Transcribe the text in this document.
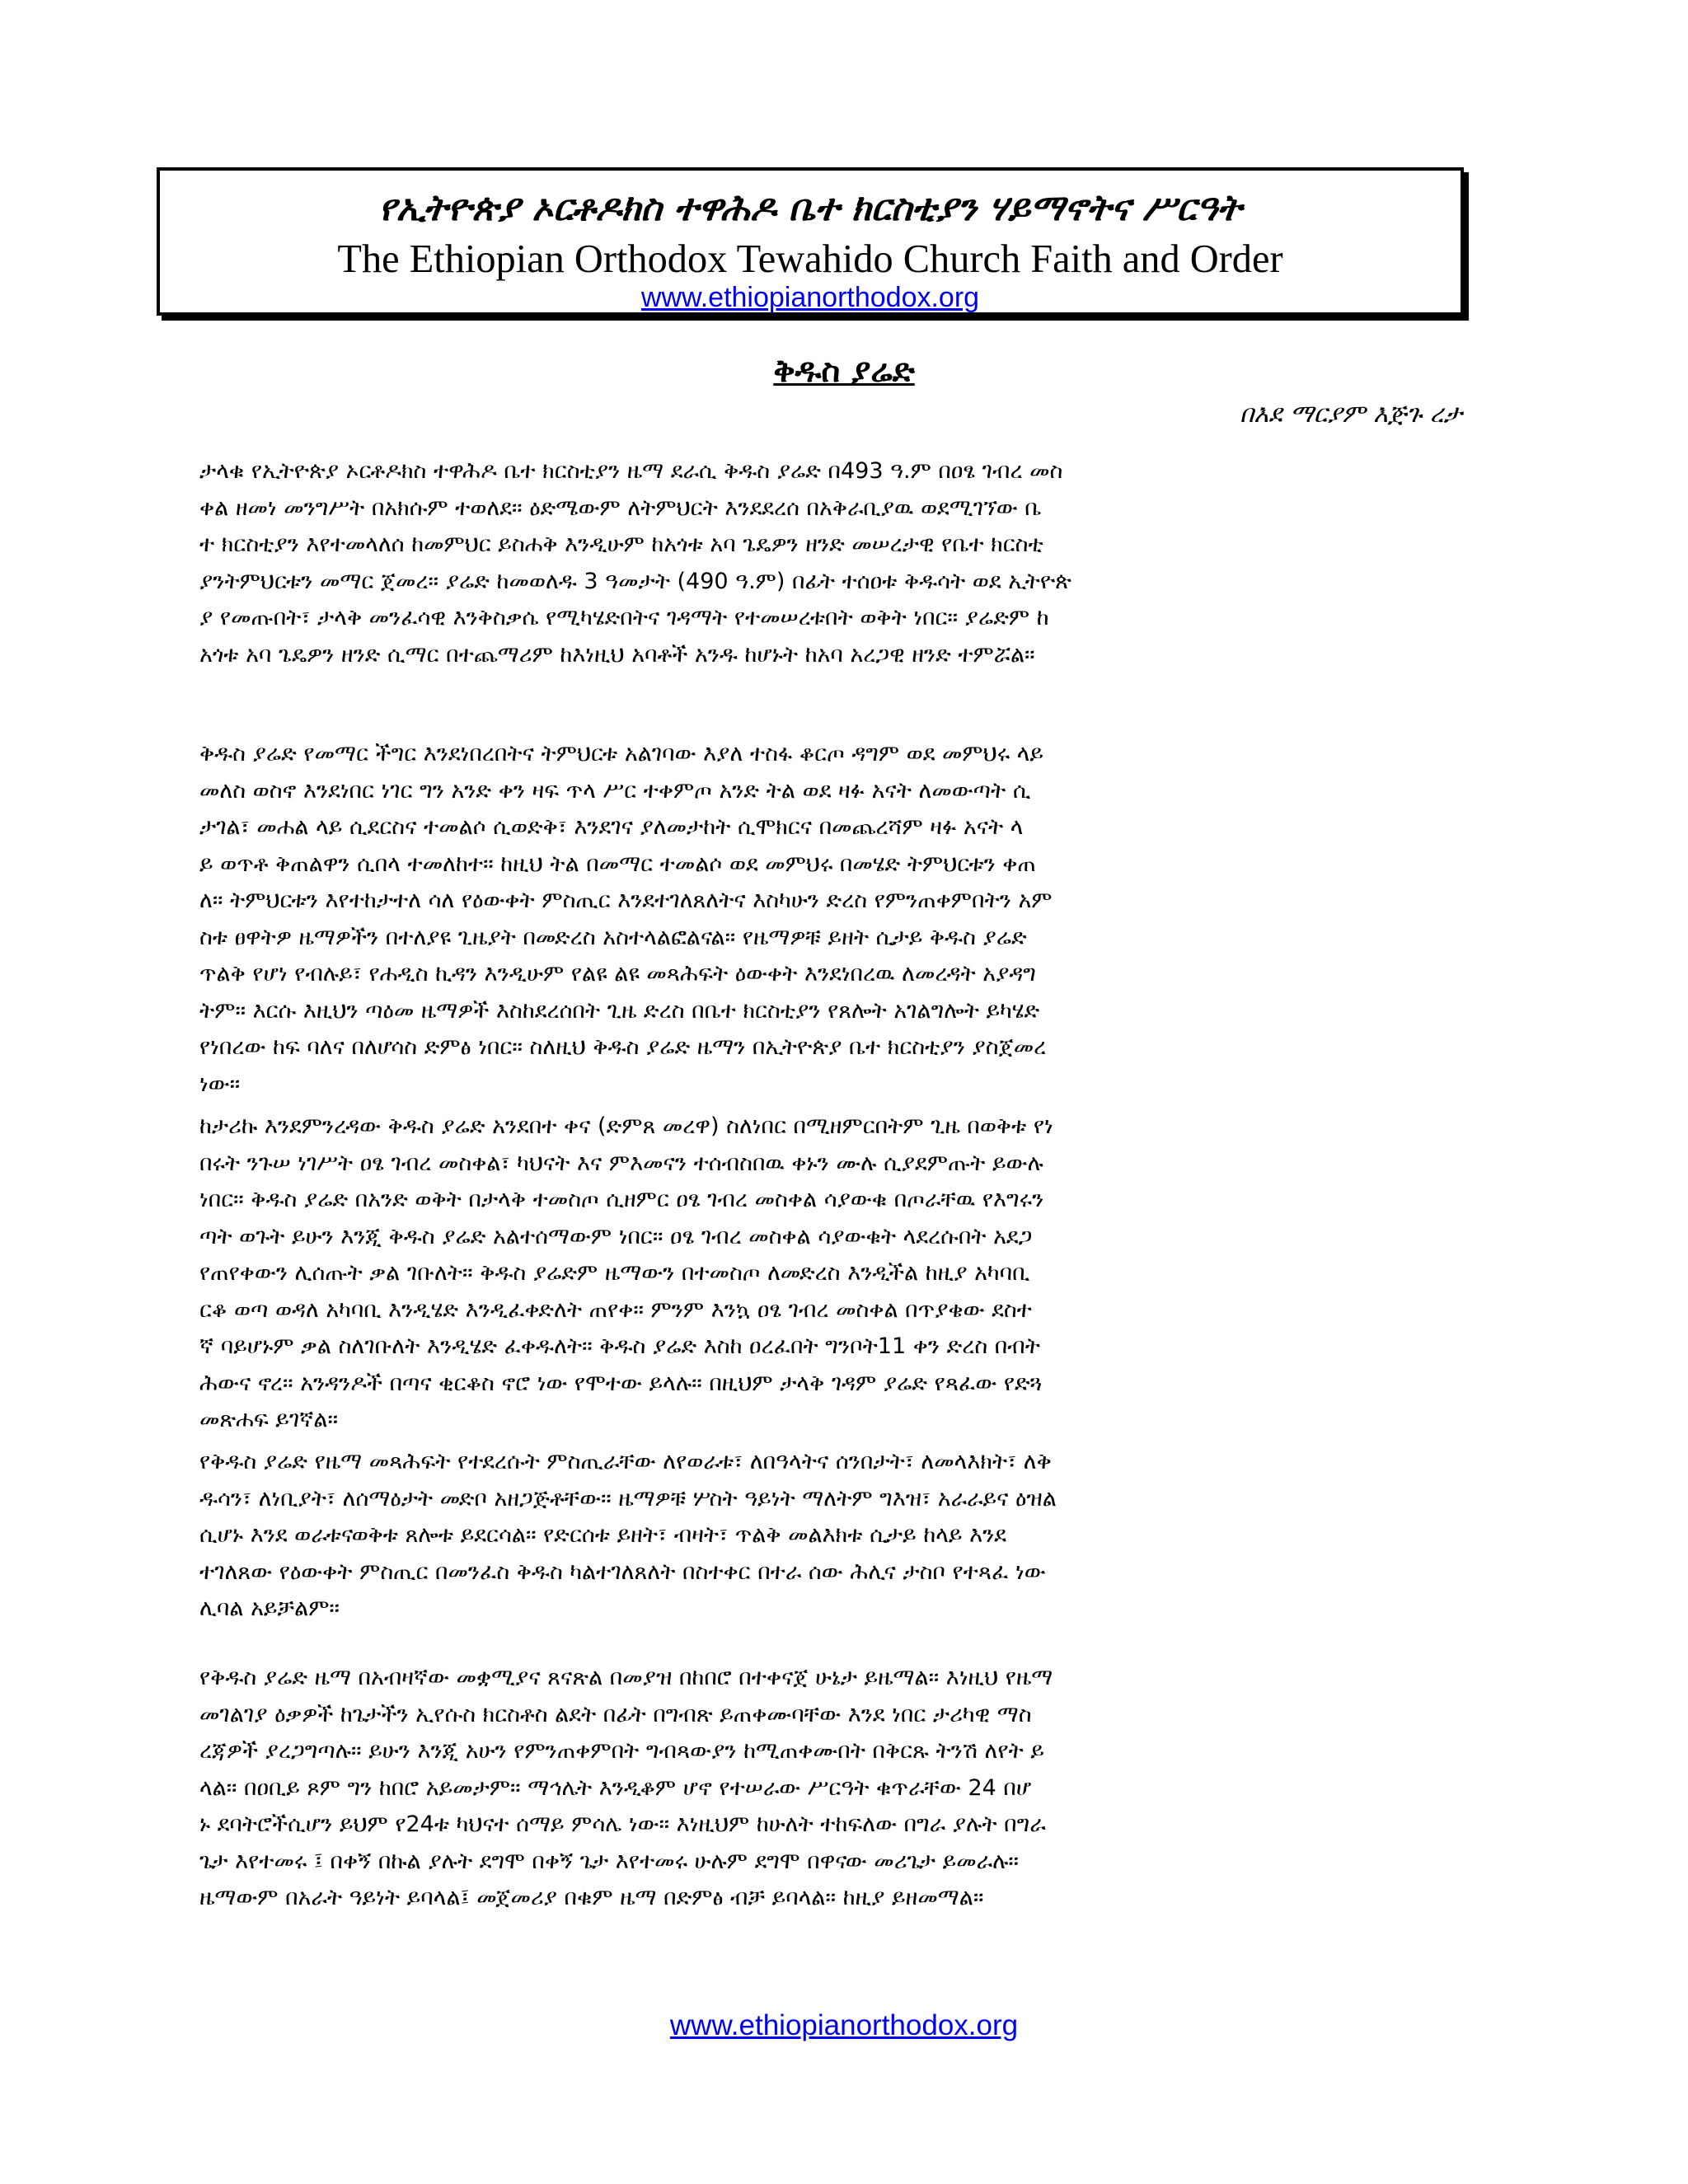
የኢትዮጵያ ኦርቶዶክስ ተዋሕዶ ቤተ ክርስቲያን ሃይማኖትና ሥርዓት
The Ethiopian Orthodox Tewahido Church Faith and Order
www.ethiopianorthodox.org
ቅዱስ ያሬድ
በእደ ማርያም እጅጉ ረታ
ታላቁ የኢትዮጵያ ኦርቶዶክስ ተዋሕዶ ቤተ ክርስቲያን ዜማ ደራሲ ቅዱስ ያሬድ በ493 ዓ.ም በዐፄ ገብረ መስ
ቀል ዘመነ መንግሥት በአክሱም ተወለደ። ዕድሜውም ለትምህርት እንደደረሰ በአቅራቢያዉ ወደሚገኘው ቤ
ተ ክርስቲያን እየተመላለሰ ከመምህር ይስሐቅ እንዲሁም ከአጎቱ አባ ጌዴዎን ዘንድ መሠረታዊ የቤተ ክርስቲ
ያንትምህርቱን መማር ጀመረ። ያሬድ ከመወለዱ 3 ዓመታት (490 ዓ.ም) በፊት ተሰዐቱ ቅዱሳት ወደ ኢትዮጵ
ያ የመጡበት፣ ታላቅ መንፈሳዊ እንቅስቃሴ የሚካሄድበትና ገዳማት የተመሠረቱበት ወቅት ነበር። ያሬድም ከ
አጎቱ አባ ጌዴዎን ዘንድ ሲማር በተጨማሪም ከእነዚህ አባቶች አንዱ ከሆኑት ከአባ አረጋዊ ዘንድ ተምሯል።
ቅዱስ ያሬድ የመማር ችግር እንደነበረበትና ትምህርቱ አልገባው እያለ ተስፋ ቆርጦ ዳግም ወደ መምህሩ ላይ
መለስ ወስኖ እንደነበር ነገር ግን አንድ ቀን ዛፍ ጥላ ሥር ተቀምጦ አንድ ትል ወደ ዛፉ አናት ለመውጣት ሲ
ታገል፣ መሐል ላይ ሲደርስና ተመልሶ ሲወድቅ፣ እንደገና ያለመታከት ሲሞክርና በመጨረሻም ዛፉ አናት ላ
ይ ወጥቶ ቅጠልዋን ሲበላ ተመለከተ። ከዚህ ትል በመማር ተመልሶ ወደ መምህሩ በመሄድ ትምህርቱን ቀጠ
ለ። ትምህርቱን እየተከታተለ ሳለ የዕውቀት ምስጢር እንደተገለጸለትና እስካሁን ድረስ የምንጠቀምበትን አም
ስቱ ፀዋትዎ ዜማዎችን በተለያዩ ጊዜያት በመድረስ አስተላልፎልናል። የዜማዎቹ ይዘት ሲታይ ቅዱስ ያሬድ
ጥልቅ የሆነ የብሉይ፣ የሐዲስ ኪዳን እንዲሁም የልዩ ልዩ መጻሕፍት ዕውቀት እንደነበረዉ ለመረዳት አያዳግ
ትም። እርሱ እዚህን ጣዕመ ዜማዎች እስከደረሰበት ጊዜ ድረስ በቤተ ክርስቲያን የጸሎት አገልግሎት ይካሄድ
የነበረው ከፍ ባለና በለሆሳስ ድምፅ ነበር። ስለዚህ ቅዱስ ያሬድ ዜማን በኢትዮጵያ ቤተ ክርስቲያን ያስጀመረ
ነው።
ከታሪኩ እንደምንረዳው ቅዱስ ያሬድ አንደበተ ቀና (ድምጸ መረዋ) ስለነበር በሚዘምርበትም ጊዜ በወቅቱ የነ
በሩት ንጉሠ ነገሥት ዐፄ ገብረ መስቀል፣ ካህናት እና ምእመናን ተሰብስበዉ ቀኑን ሙሉ ሲያደምጡት ይውሉ
ነበር። ቅዱስ ያሬድ በአንድ ወቅት በታላቅ ተመስጦ ሲዘምር ዐፄ ገብረ መስቀል ሳያውቁ በጦራቸዉ የእግሩን
ጣት ወጉት ይሁን እንጂ ቅዱስ ያሬድ አልተሰማውም ነበር። ዐፄ ገብረ መስቀል ሳያውቁት ላደረሱበት አደጋ
የጠየቀውን ሊሰጡት ቃል ገቡለት። ቅዱስ ያሬድም ዜማውን በተመስጦ ለመድረስ እንዲችል ከዚያ አካባቢ
ርቆ ወጣ ወዳለ አካባቢ እንዲሄድ እንዲፈቀድለት ጠየቀ። ምንም እንኳ ዐፄ ገብረ መስቀል በጥያቄው ደስተ
ኛ ባይሆኑም ቃል ስለገቡለት እንዲሄድ ፈቀዱለት። ቅዱስ ያሬድ እስከ ዐረፈበት ግንቦት11 ቀን ድረስ በብት
ሕውና ኖረ። አንዳንዶች በጣና ቂርቆስ ኖሮ ነው የሞተው ይላሉ። በዚህም ታላቅ ገዳም ያሬድ የጻፈው የድጓ
መጽሐፍ ይገኛል።
የቅዱስ ያሬድ የዜማ መጻሕፍት የተደረሱት ምስጢራቸው ለየወራቱ፣ ለበዓላትና ሰንበታት፣ ለመላእክት፣ ለቅ
ዱሳን፣ ለነቢያት፣ ለሰማዕታት መድቦ አዘጋጅቶቸው። ዜማዎቹ ሦስት ዓይነት ማለትም ግእዝ፣ አራራይና ዕዝል
ሲሆኑ እንደ ወራቱናወቅቱ ጸሎቱ ይደርሳል። የድርሰቱ ይዘት፣ ብዛት፣ ጥልቅ መልእክቱ ሲታይ ከላይ እንደ
ተገለጸው የዕውቀት ምስጢር በመንፈስ ቅዱስ ካልተገለጸለት በስተቀር በተራ ሰው ሕሊና ታስቦ የተጻፈ ነው
ሊባል አይቻልም።
የቅዱስ ያሬድ ዜማ በአብዛኛው መቋሚያና ጸናጽል በመያዝ በከበሮ በተቀናጀ ሁኔታ ይዜማል። እነዚህ የዜማ
መገልገያ ዕቃዎች ከጌታችን ኢየሱስ ክርስቶስ ልደት በፊት በግብጽ ይጠቀሙባቸው እንደ ነበር ታሪካዊ ማስ
ረጃዎች ያረጋግጣሉ። ይሁን እንጂ አሁን የምንጠቀምበት ግብጻውያን ከሚጠቀሙበት በቅርጹ ትንሽ ለየት ይ
ላል። በዐቢይ ጾም ግን ከበሮ አይመታም። ማኅሌት እንዲቆም ሆኖ የተሠራው ሥርዓት ቁጥራቸው 24 በሆ
ኑ ደባትሮችሲሆን ይህም የ24ቱ ካህናተ ሰማይ ምሳሌ ነው። እነዚህም ከሁለት ተከፍለው በግራ ያሉት በግራ
ጌታ እየተመሩ ፤ በቀኝ በኩል ያሉት ደግሞ በቀኝ ጌታ እየተመሩ ሁሉም ደግሞ በዋናው መሪጌታ ይመራሉ።
ዜማውም በአራት ዓይነት ይባላል፤ መጀመሪያ በቁም ዜማ በድምፅ ብቻ ይባላል። ከዚያ ይዘመማል።
www.ethiopianorthodox.org
